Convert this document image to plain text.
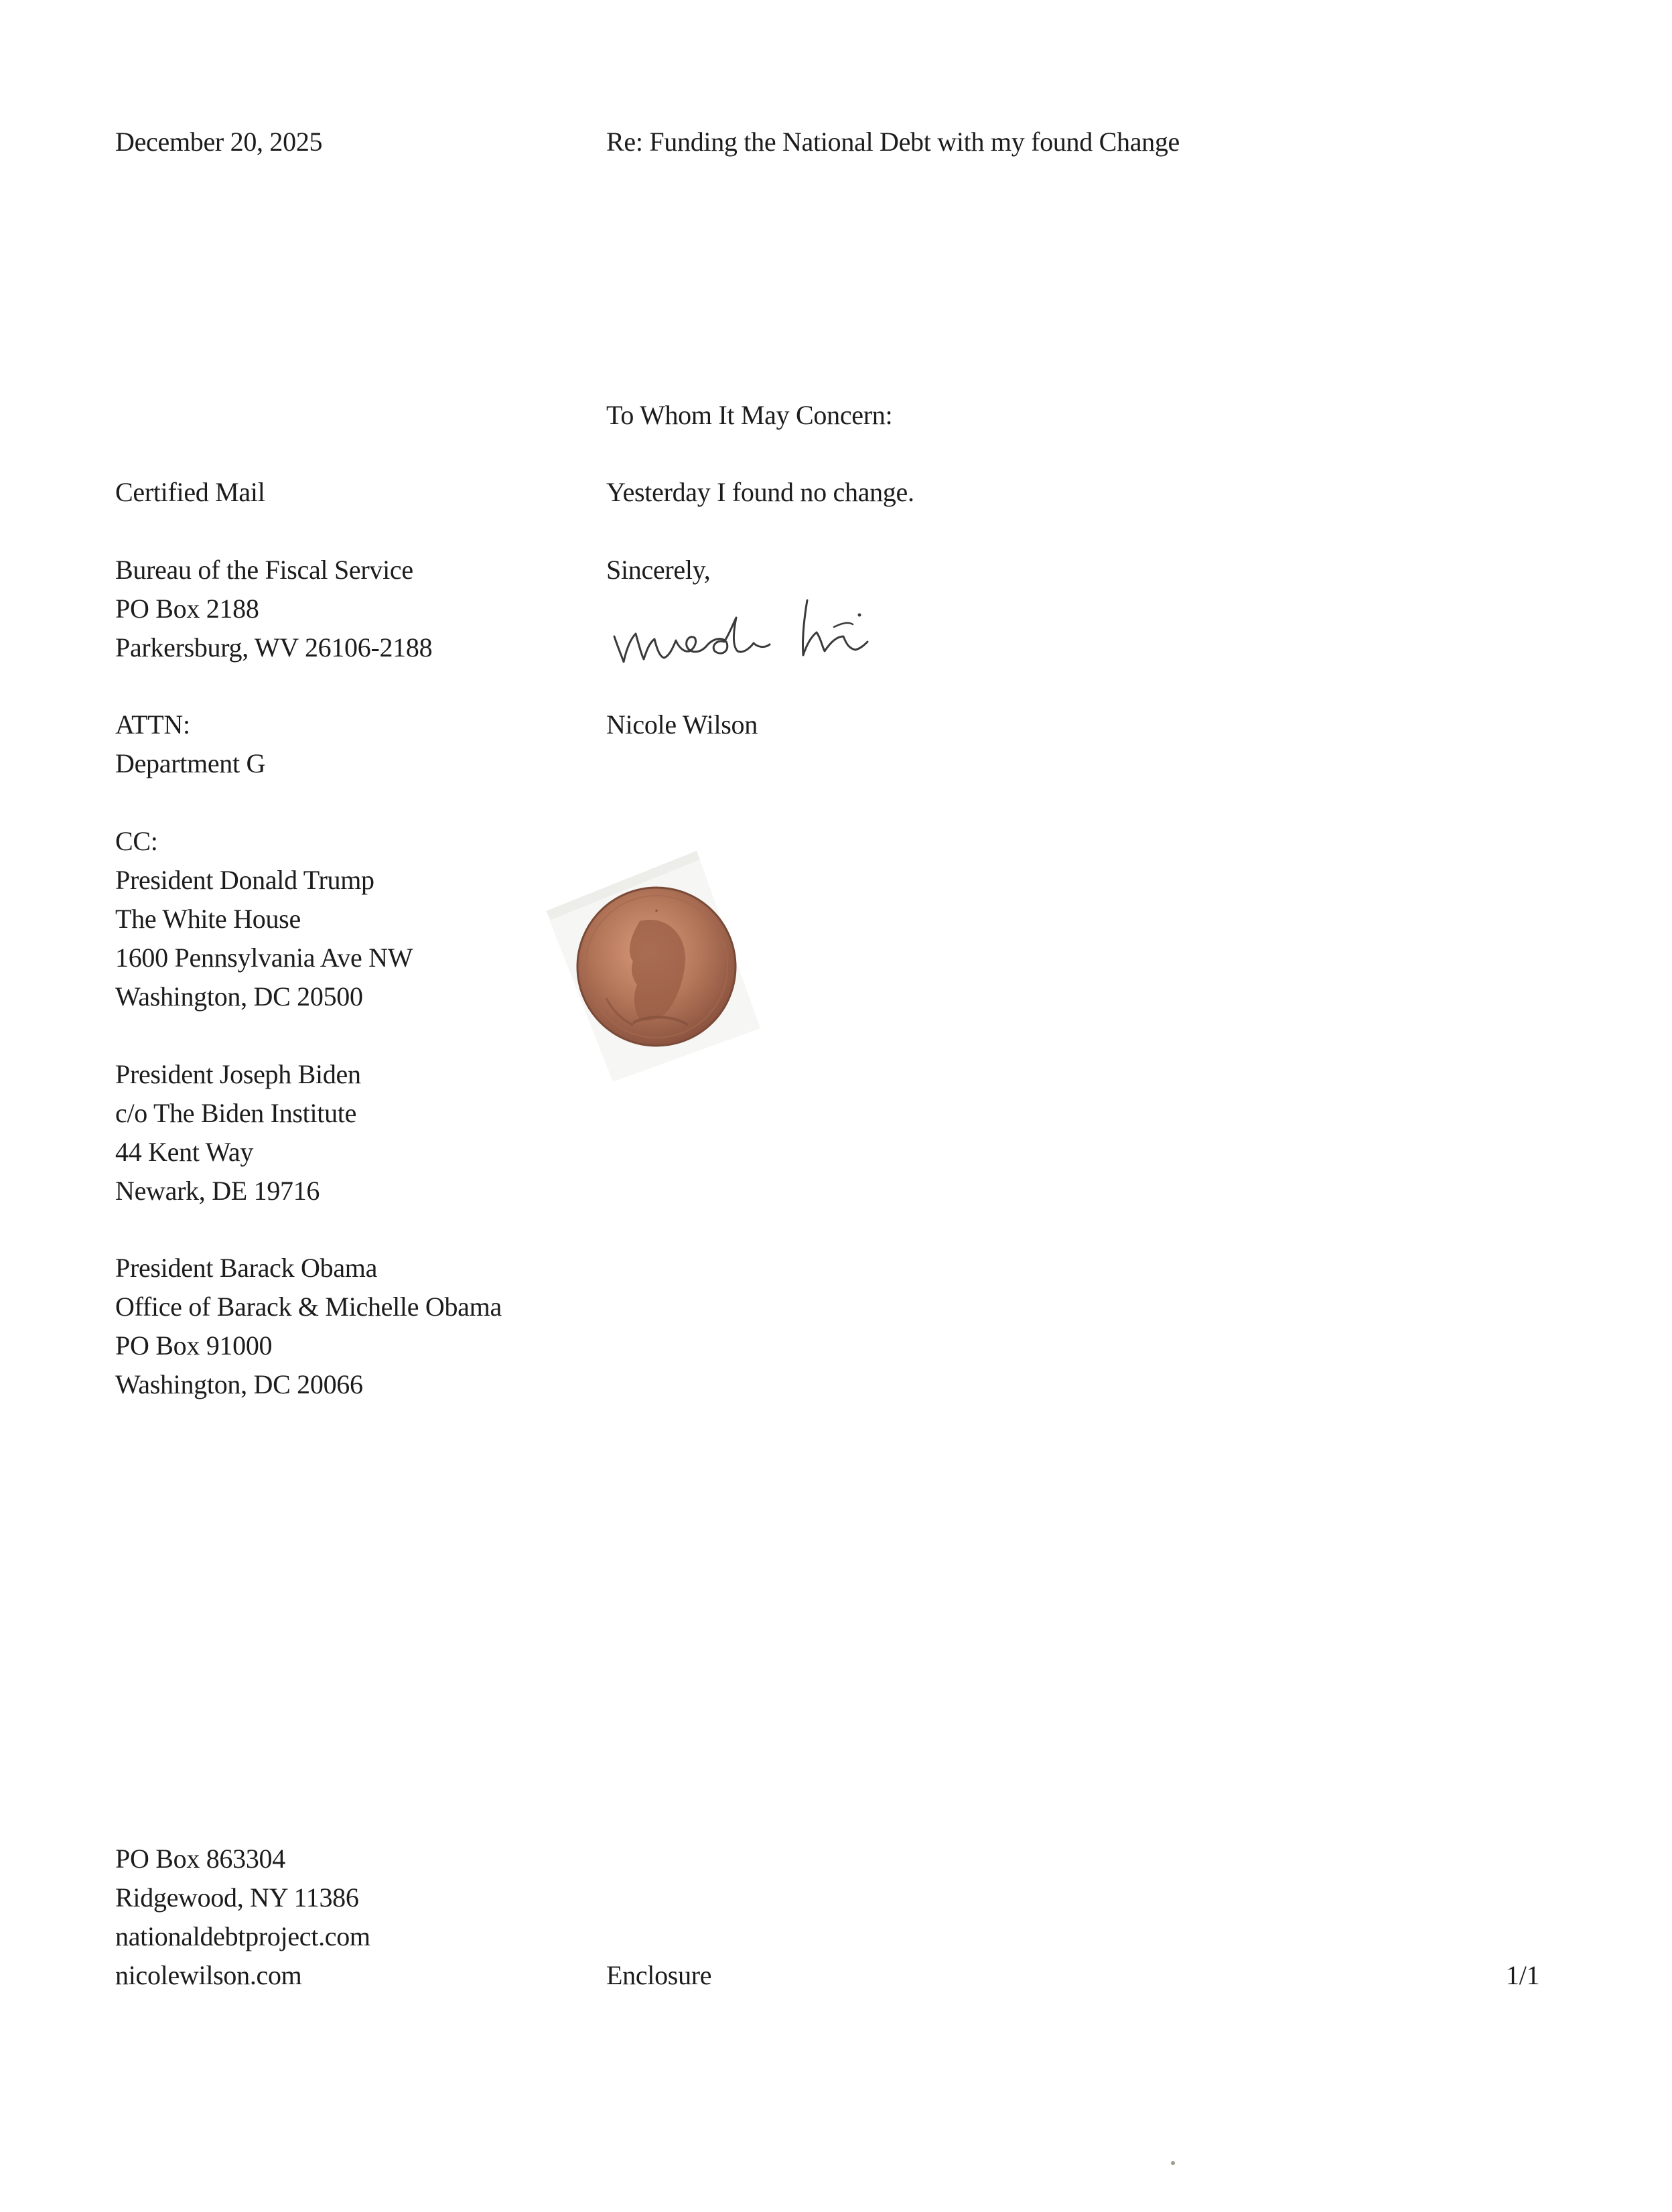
December 20, 2025	Re: Funding the National Debt with my found Change
To Whom It May Concern:
Yesterday I found no change.
Sincerely,
Nicole Wilson
Certified Mail
Bureau of the Fiscal Service
PO Box 2188
Parkersburg, WV 26106-2188
ATTN:
Department G
CC:
President Donald Trump
The White House
1600 Pennsylvania Ave NW
Washington, DC 20500
President Joseph Biden
c/o The Biden Institute
44 Kent Way
Newark, DE 19716
President Barack Obama
Office of Barack & Michelle Obama
PO Box 91000
Washington, DC 20066
•
PO Box 863304
Ridgewood, NY 11386
nationaldebtproject.com
nicolewilson.com	Enclosure	1/1
